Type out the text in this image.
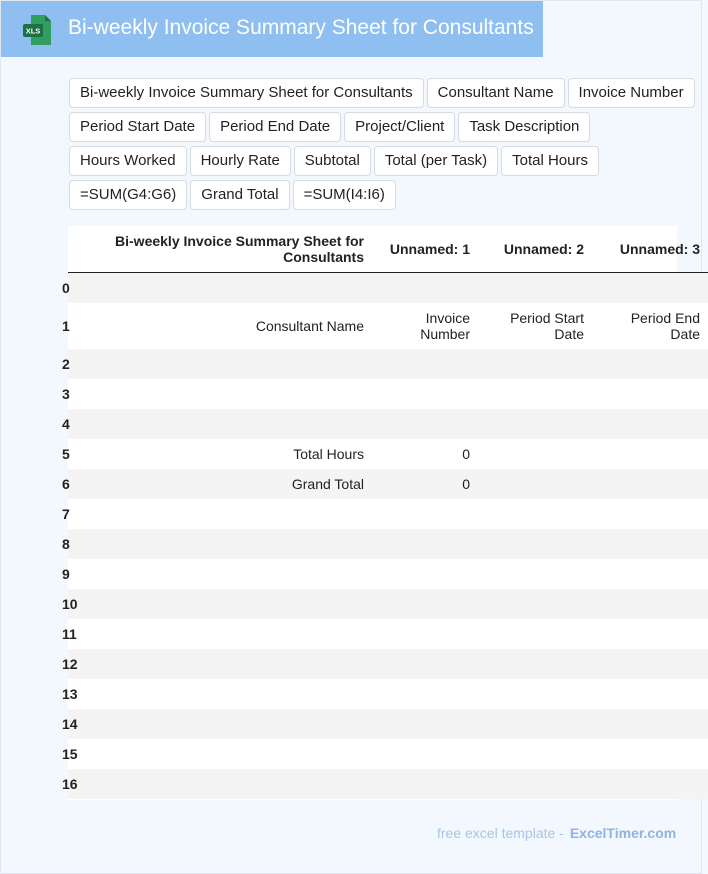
XLS Bi-weekly Invoice Summary Sheet for Consultants
Bi-weekly Invoice Summary Sheet for Consultants	Consultant Name	Invoice Number
Period Start Date	Period End Date	Project/Client	Task Description
Hours Worked	Hourly Rate	Subtotal	Total (per Task)	Total Hours
=SUM(G4:G6)	Grand Total	=SUM(I4:I6)
	Bi-weekly Invoice Summary Sheet for Consultants	Unnamed: 1	Unnamed: 2	Unnamed: 3
0				
1	Consultant Name	Invoice Number	Period Start Date	Period End Date
2				
3				
4				
5	Total Hours	0		
6	Grand Total	0		
7				
8				
9				
10				
11				
12				
13				
14				
15				
16				
free excel template - ExcelTimer.com
